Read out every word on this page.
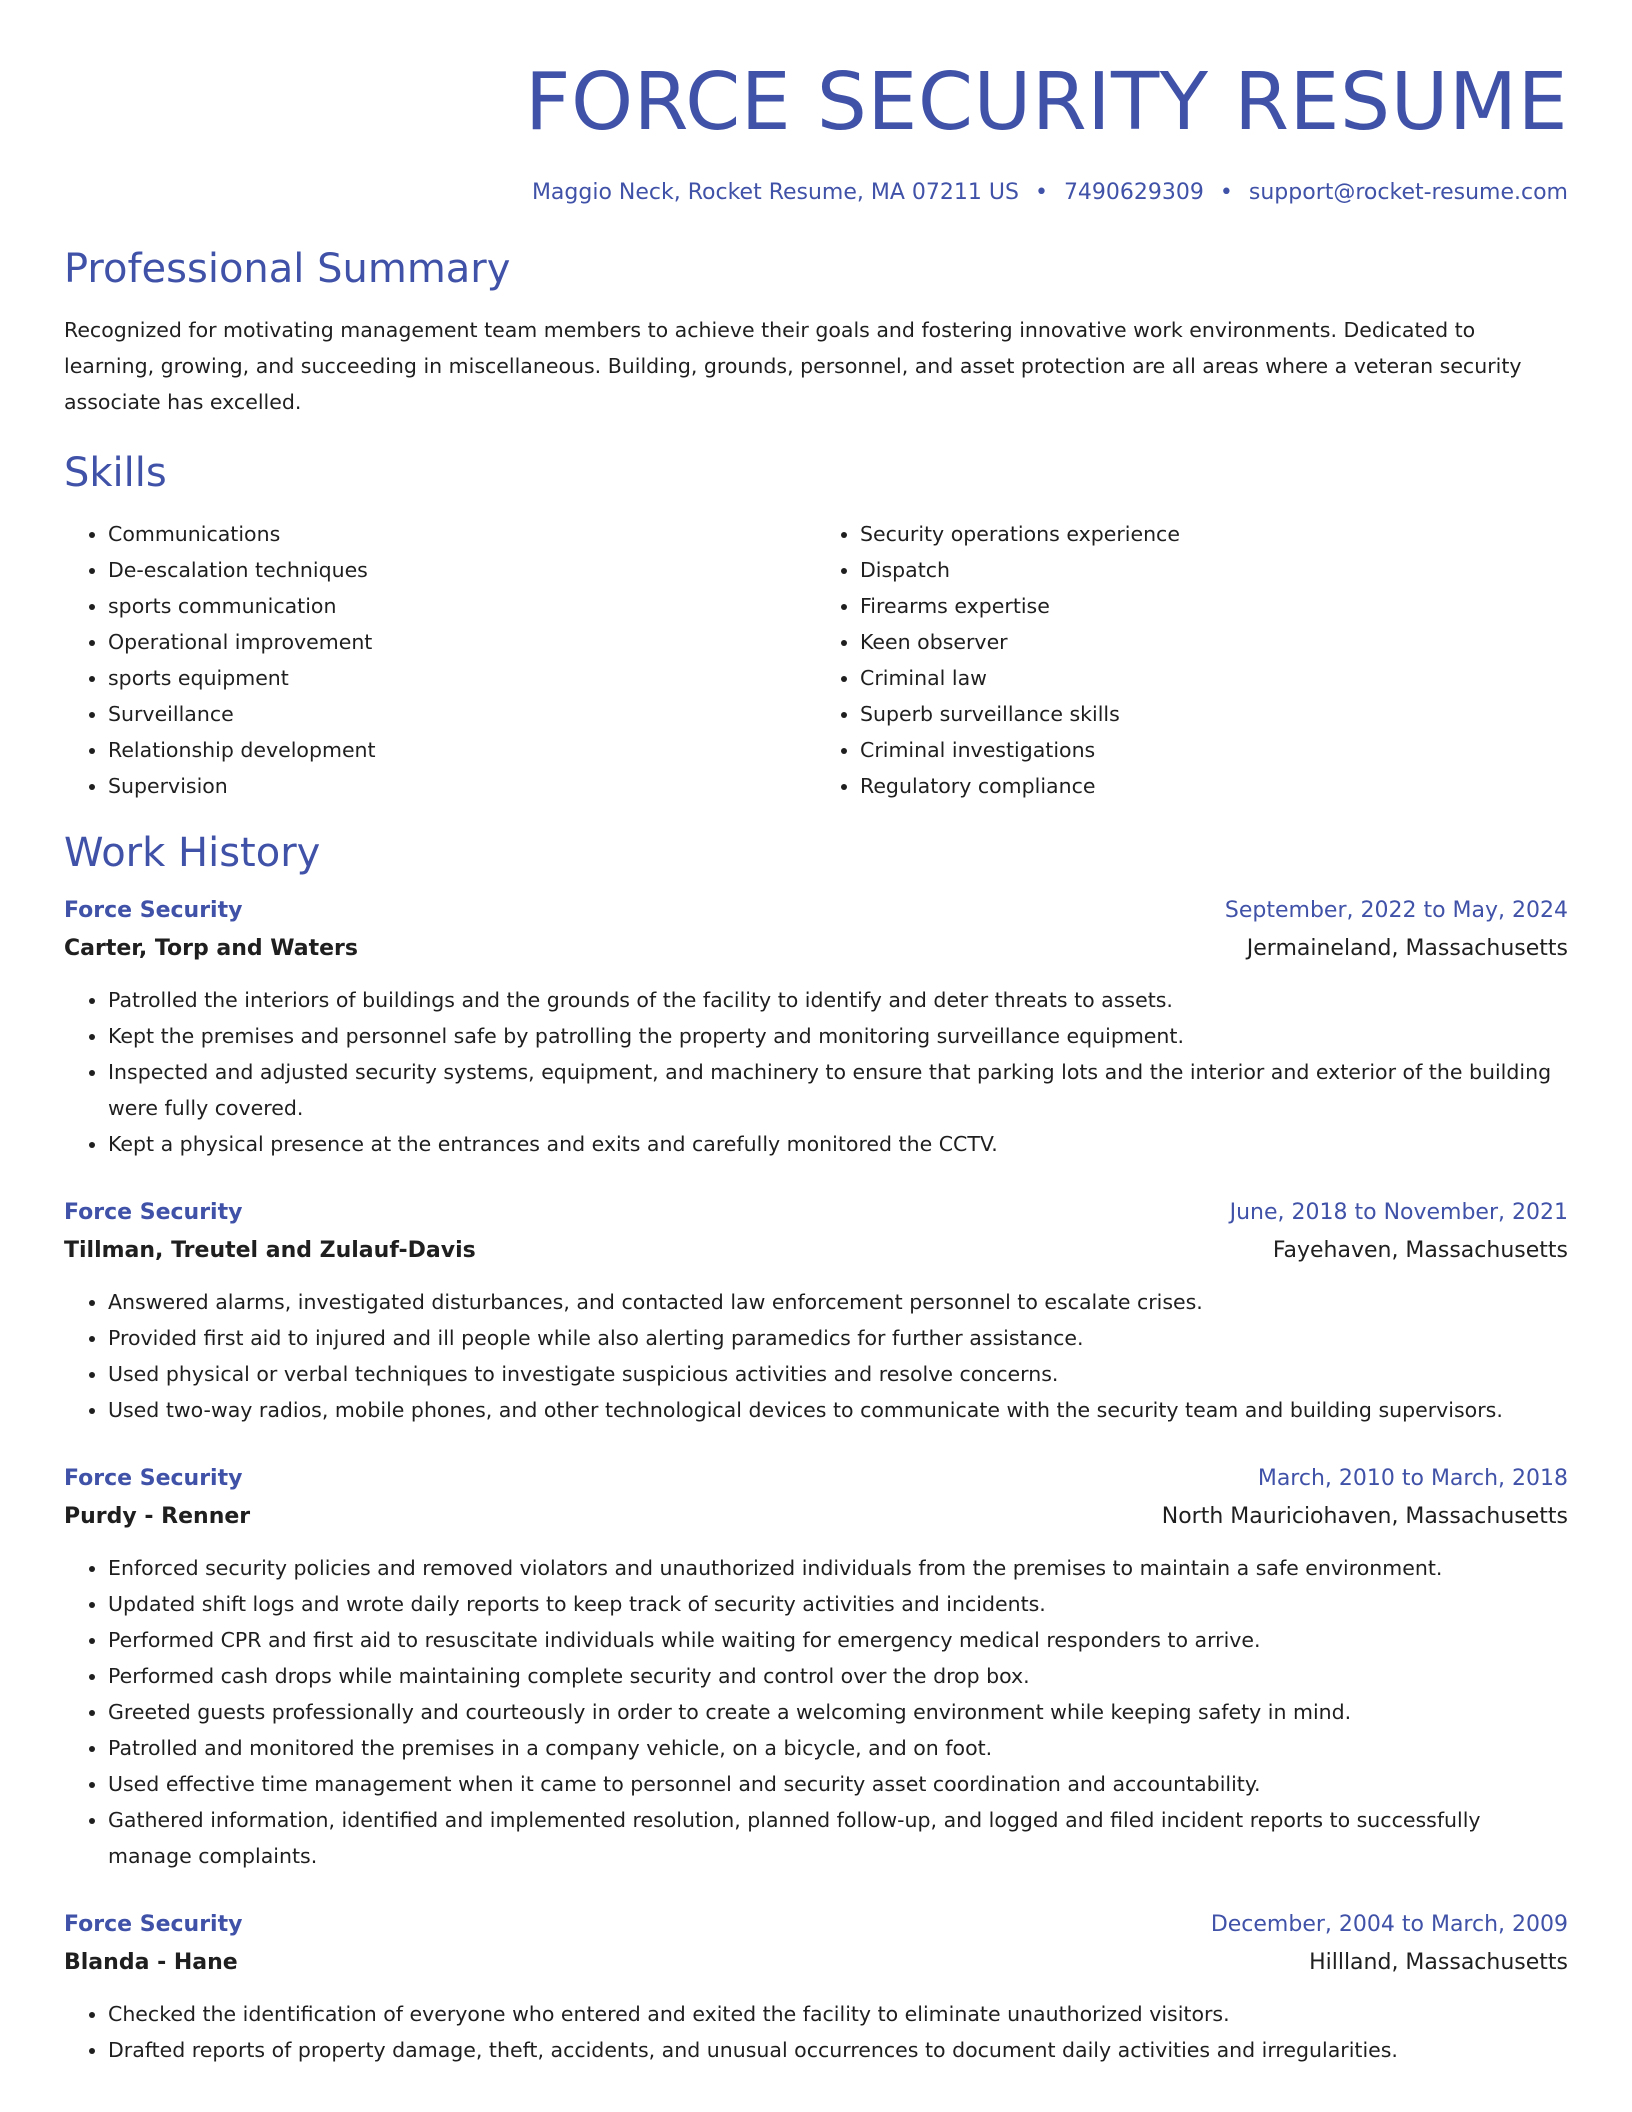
FORCE SECURITY RESUME
Maggio Neck, Rocket Resume, MA 07211 US • 7490629309 • support@rocket-resume.com
Professional Summary

Recognized for motivating management team members to achieve their goals and fostering innovative work environments. Dedicated to learning, growing, and succeeding in miscellaneous. Building, grounds, personnel, and asset protection are all areas where a veteran security associate has excelled.

Skills
• Communications
• De-escalation techniques
• sports communication
• Operational improvement
• sports equipment
• Surveillance
• Relationship development
• Supervision
• Security operations experience
• Dispatch
• Firearms expertise
• Keen observer
• Criminal law
• Superb surveillance skills
• Criminal investigations
• Regulatory compliance
Work History
Force Security	September, 2022 to May, 2024
Carter, Torp and Waters	Jermaineland, Massachusetts
• Patrolled the interiors of buildings and the grounds of the facility to identify and deter threats to assets.
• Kept the premises and personnel safe by patrolling the property and monitoring surveillance equipment.
• Inspected and adjusted security systems, equipment, and machinery to ensure that parking lots and the interior and exterior of the building were fully covered.
• Kept a physical presence at the entrances and exits and carefully monitored the CCTV.
Force Security	June, 2018 to November, 2021
Tillman, Treutel and Zulauf-Davis	Fayehaven, Massachusetts
• Answered alarms, investigated disturbances, and contacted law enforcement personnel to escalate crises.
• Provided first aid to injured and ill people while also alerting paramedics for further assistance.
• Used physical or verbal techniques to investigate suspicious activities and resolve concerns.
• Used two-way radios, mobile phones, and other technological devices to communicate with the security team and building supervisors.
Force Security	March, 2010 to March, 2018
Purdy - Renner	North Mauriciohaven, Massachusetts
• Enforced security policies and removed violators and unauthorized individuals from the premises to maintain a safe environment.
• Updated shift logs and wrote daily reports to keep track of security activities and incidents.
• Performed CPR and first aid to resuscitate individuals while waiting for emergency medical responders to arrive.
• Performed cash drops while maintaining complete security and control over the drop box.
• Greeted guests professionally and courteously in order to create a welcoming environment while keeping safety in mind.
• Patrolled and monitored the premises in a company vehicle, on a bicycle, and on foot.
• Used effective time management when it came to personnel and security asset coordination and accountability.
• Gathered information, identified and implemented resolution, planned follow-up, and logged and filed incident reports to successfully manage complaints.
Force Security	December, 2004 to March, 2009
Blanda - Hane	Hillland, Massachusetts
• Checked the identification of everyone who entered and exited the facility to eliminate unauthorized visitors.
• Drafted reports of property damage, theft, accidents, and unusual occurrences to document daily activities and irregularities.
